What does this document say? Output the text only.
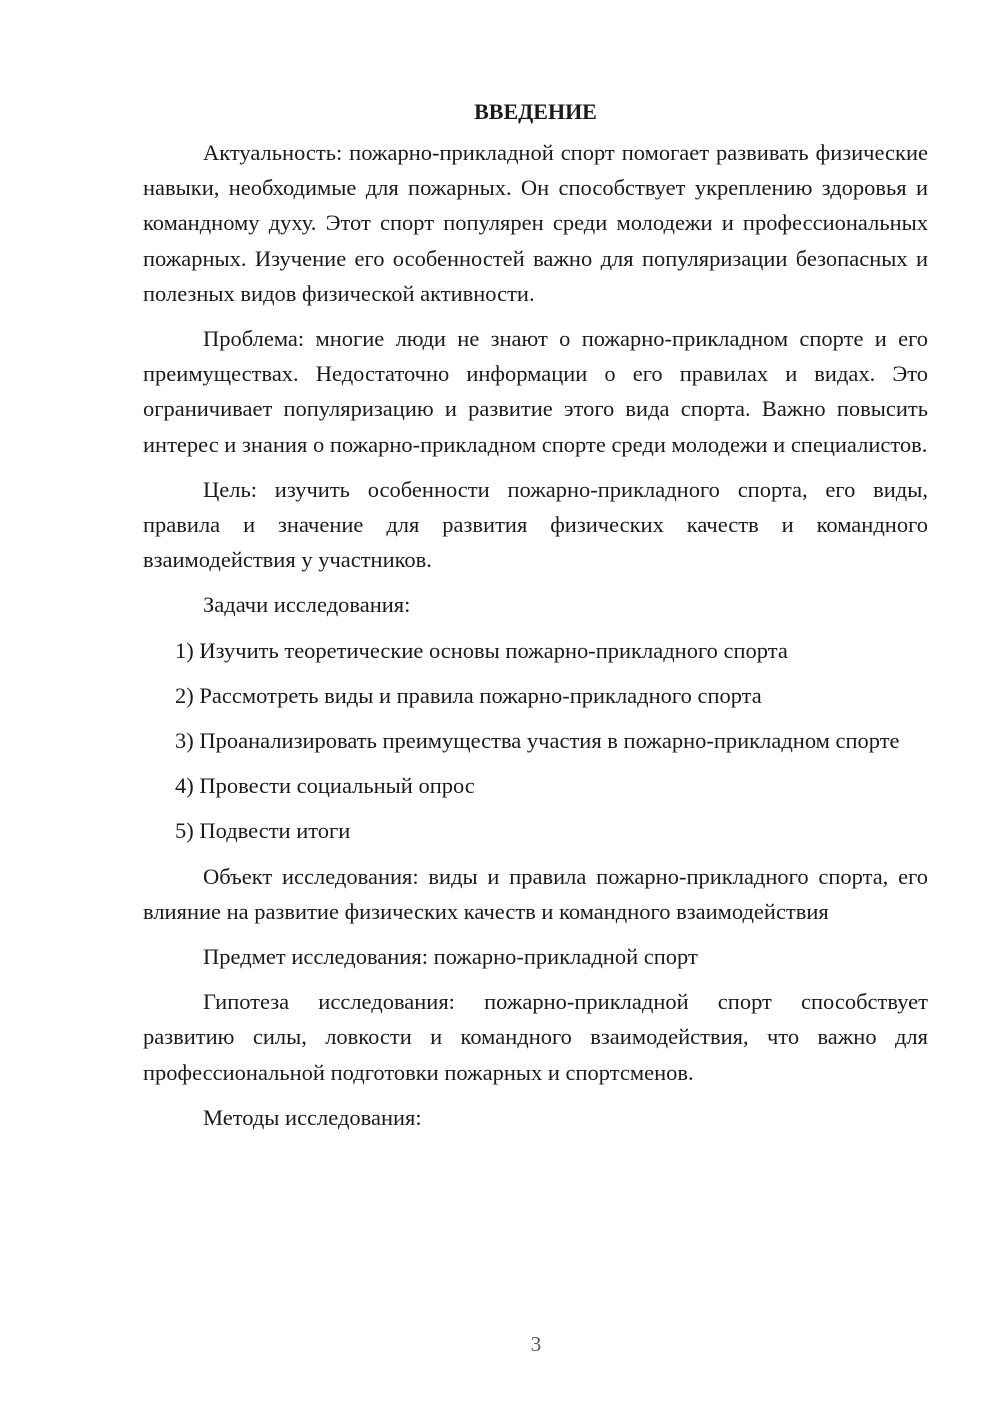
ВВЕДЕНИЕ

Актуальность: пожарно-прикладной спорт помогает развивать физические навыки, необходимые для пожарных. Он способствует укреплению здоровья и командному духу. Этот спорт популярен среди молодежи и профессиональных пожарных. Изучение его особенностей важно для популяризации безопасных и полезных видов физической активности.

Проблема: многие люди не знают о пожарно-прикладном спорте и его преимуществах. Недостаточно информации о его правилах и видах. Это ограничивает популяризацию и развитие этого вида спорта. Важно повысить интерес и знания о пожарно-прикладном спорте среди молодежи и специалистов.

Цель: изучить особенности пожарно-прикладного спорта, его виды, правила и значение для развития физических качеств и командного взаимодействия у участников.

Задачи исследования:

1) Изучить теоретические основы пожарно-прикладного спорта
2) Рассмотреть виды и правила пожарно-прикладного спорта
3) Проанализировать преимущества участия в пожарно-прикладном спорте
4) Провести социальный опрос
5) Подвести итоги

Объект исследования: виды и правила пожарно-прикладного спорта, его влияние на развитие физических качеств и командного взаимодействия

Предмет исследования: пожарно-прикладной спорт

Гипотеза исследования: пожарно-прикладной спорт способствует развитию силы, ловкости и командного взаимодействия, что важно для профессиональной подготовки пожарных и спортсменов.

Методы исследования:

3
